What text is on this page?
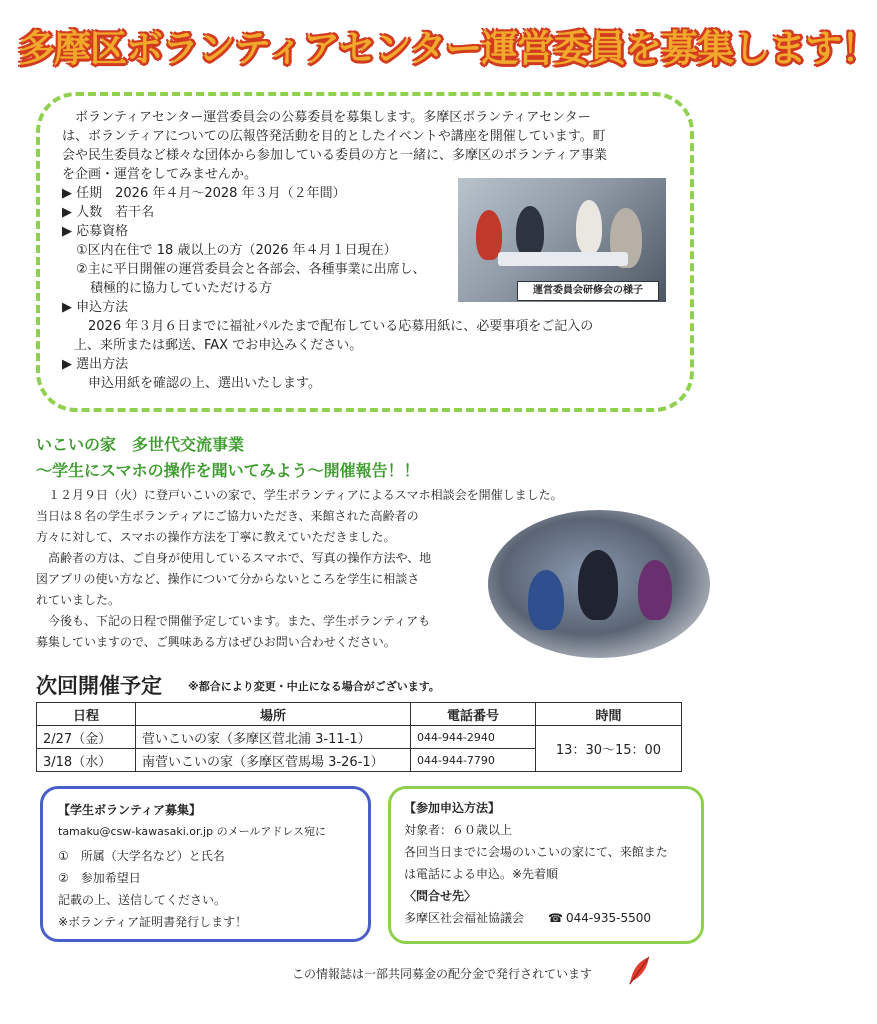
多摩区ボランティアセンター運営委員を募集します！
　ボランティアセンター運営委員会の公募委員を募集します。多摩区ボランティアセンター
は、ボランティアについての広報啓発活動を目的としたイベントや講座を開催しています。町
会や民生委員など様々な団体から参加している委員の方と一緒に、多摩区のボランティア事業
を企画・運営をしてみませんか。
▶ 任期　2026 年４月～2028 年３月（２年間）
▶ 人数　若干名
▶ 応募資格
①区内在住で 18 歳以上の方（2026 年４月１日現在）
②主に平日開催の運営委員会と各部会、各種事業に出席し、
積極的に協力していただける方
▶ 申込方法
2026 年３月６日までに福祉パルたまで配布している応募用紙に、必要事項をご記入の
上、来所または郵送、FAX でお申込みください。
▶ 選出方法
申込用紙を確認の上、選出いたします。
運営委員会研修会の様子
いこいの家　多世代交流事業
～学生にスマホの操作を聞いてみよう～開催報告！！
　１２月９日（火）に登戸いこいの家で、学生ボランティアによるスマホ相談会を開催しました。
当日は８名の学生ボランティアにご協力いただき、来館された高齢者の
方々に対して、スマホの操作方法を丁寧に教えていただきました。
　高齢者の方は、ご自身が使用しているスマホで、写真の操作方法や、地
図アプリの使い方など、操作について分からないところを学生に相談さ
れていました。
　今後も、下記の日程で開催予定しています。また、学生ボランティアも
募集していますので、ご興味ある方はぜひお問い合わせください。
次回開催予定 ※都合により変更・中止になる場合がございます。
日程	場所	電話番号	時間
2/27（金）	菅いこいの家（多摩区菅北浦 3-11-1）	044-944-2940	13：30～15：00
3/18（水）	南菅いこいの家（多摩区菅馬場 3-26-1）	044-944-7790	
【学生ボランティア募集】
tamaku@csw-kawasaki.or.jp のメールアドレス宛に
①　所属（大学名など）と氏名
②　参加希望日
記載の上、送信してください。
※ボランティア証明書発行します！
【参加申込方法】
対象者：６０歳以上
各回当日までに会場のいこいの家にて、来館また
は電話による申込。※先着順
〈問合せ先〉
多摩区社会福祉協議会 ☎ 044-935-5500
この情報誌は一部共同募金の配分金で発行されています
